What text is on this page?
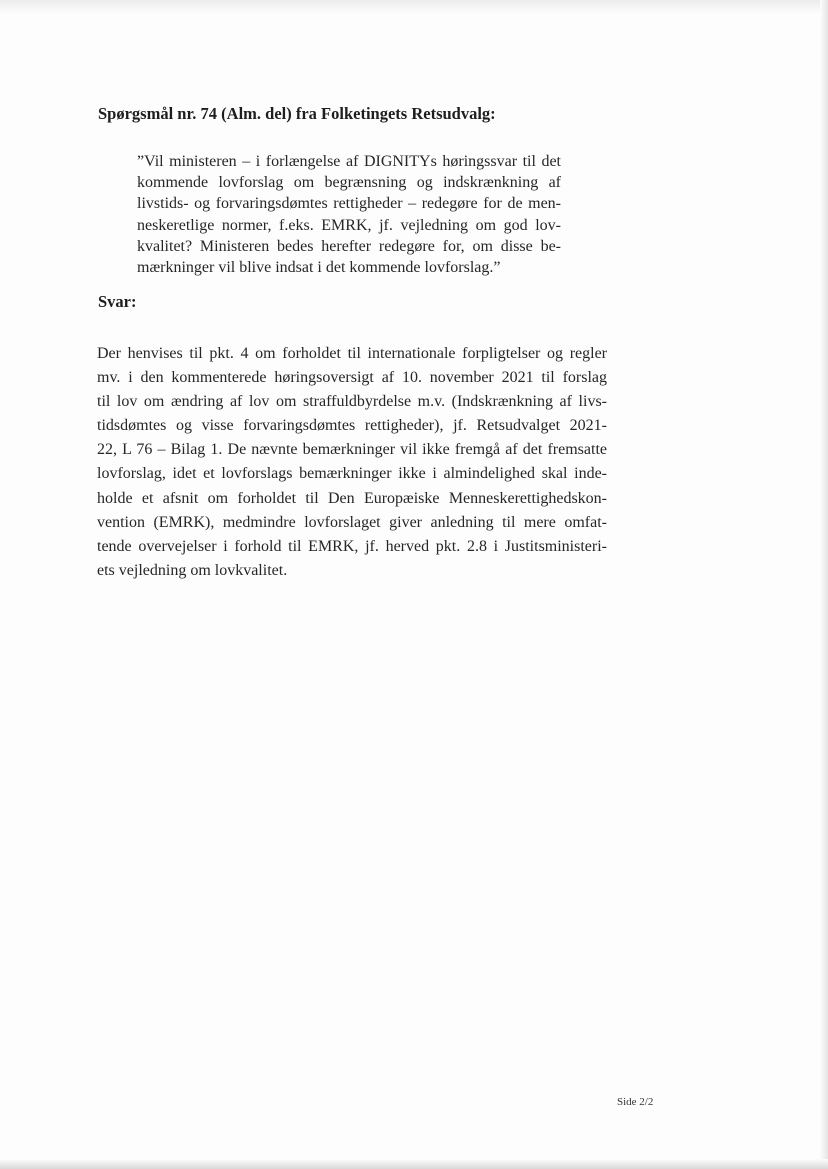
Spørgsmål nr. 74 (Alm. del) fra Folketingets Retsudvalg:
”Vil ministeren – i forlængelse af DIGNITYs høringssvar til det
kommende lovforslag om begrænsning og indskrænkning af
livstids- og forvaringsdømtes rettigheder – redegøre for de men-
neskeretlige normer, f.eks. EMRK, jf. vejledning om god lov-
kvalitet? Ministeren bedes herefter redegøre for, om disse be-
mærkninger vil blive indsat i det kommende lovforslag.”
Svar:
Der henvises til pkt. 4 om forholdet til internationale forpligtelser og regler
mv. i den kommenterede høringsoversigt af 10. november 2021 til forslag
til lov om ændring af lov om straffuldbyrdelse m.v. (Indskrænkning af livs-
tidsdømtes og visse forvaringsdømtes rettigheder), jf. Retsudvalget 2021-
22, L 76 – Bilag 1. De nævnte bemærkninger vil ikke fremgå af det fremsatte
lovforslag, idet et lovforslags bemærkninger ikke i almindelighed skal inde-
holde et afsnit om forholdet til Den Europæiske Menneskerettighedskon-
vention (EMRK), medmindre lovforslaget giver anledning til mere omfat-
tende overvejelser i forhold til EMRK, jf. herved pkt. 2.8 i Justitsministeri-
ets vejledning om lovkvalitet.
Side 2/2
